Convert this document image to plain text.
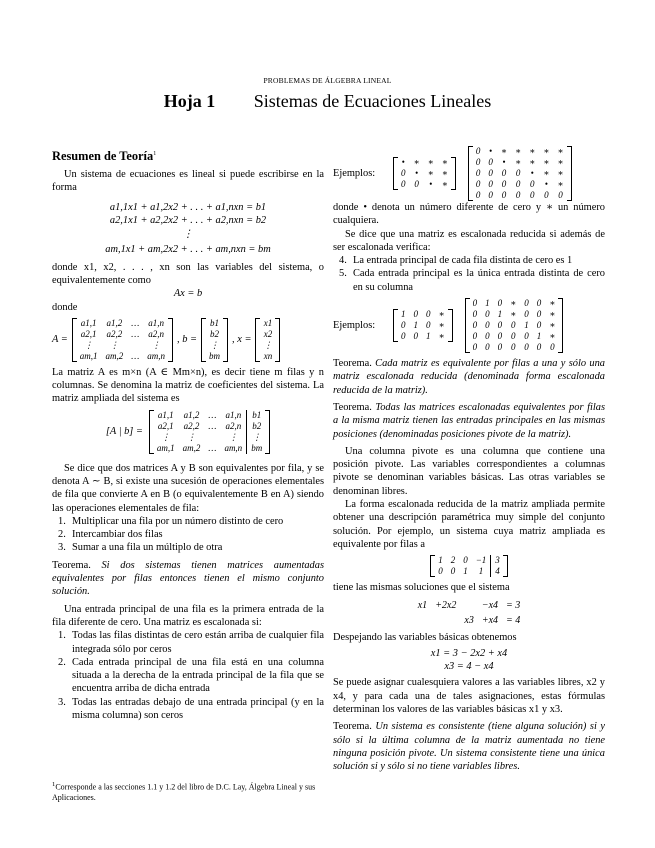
PROBLEMAS DE ÁLGEBRA LINEAL
Hoja 1 Sistemas de Ecuaciones Lineales
Resumen de Teoría$^1$

Un sistema de ecuaciones es lineal si puede escribirse en la forma

a1,1x1 + a1,2x2 + . . . + a1,nxn = b1
a2,1x1 + a2,2x2 + . . . + a2,nxn = b2
⋮
am,1x1 + am,2x2 + . . . + am,nxn = bm

donde x1, x2, . . . , xn son las variables del sistema, o equivalentemente como

Ax = b

donde

A =
a1,1	a1,2	…	a1,n
a2,1	a2,2	…	a2,n
⋮	⋮		⋮
am,1	am,2	…	am,n
, b =
b1
b2
⋮
bm
, x =
x1
x2
⋮
xn

La matriz A es m×n (A ∈ Mm×n), es decir tiene m filas y n columnas. Se denomina la matriz de coeficientes del sistema. La matriz ampliada del sistema es

[A | b] =
a1,1	a1,2	…	a1,n	b1
a2,1	a2,2	…	a2,n	b2
⋮	⋮		⋮	⋮
am,1	am,2	…	am,n	bm

Se dice que dos matrices A y B son equivalentes por fila, y se denota A ∼ B, si existe una sucesión de operaciones elementales de fila que convierte A en B (o equivalentemente B en A) siendo las operaciones elementales de fila:

1. Multiplicar una fila por un número distinto de cero
2. Intercambiar dos filas
3. Sumar a una fila un múltiplo de otra

Teorema. Si dos sistemas tienen matrices aumentadas equivalentes por filas entonces tienen el mismo conjunto solución.

Una entrada principal de una fila es la primera entrada de la fila diferente de cero. Una matriz es escalonada si:

1. Todas las filas distintas de cero están arriba de cualquier fila integrada sólo por ceros
2. Cada entrada principal de una fila está en una columna situada a la derecha de la entrada principal de la fila que se encuentra arriba de dicha entrada
3. Todas las entradas debajo de una entrada principal (y en la misma columna) son ceros
$^1$Corresponde a las secciones 1.1 y 1.2 del libro de D.C. Lay, Álgebra Lineal y sus Aplicaciones.
Ejemplos:
•	∗	∗	∗
0	•	∗	∗
0	0	•	∗
0	•	∗	∗	∗	∗	∗
0	0	•	∗	∗	∗	∗
0	0	0	0	•	∗	∗
0	0	0	0	0	•	∗
0	0	0	0	0	0	0

donde • denota un número diferente de cero y ∗ un número cualquiera.

Se dice que una matriz es escalonada reducida si además de ser escalonada verifica:

4. La entrada principal de cada fila distinta de cero es 1
5. Cada entrada principal es la única entrada distinta de cero en su columna
Ejemplos:
1	0	0	∗
0	1	0	∗
0	0	1	∗
0	1	0	∗	0	0	∗
0	0	1	∗	0	0	∗
0	0	0	0	1	0	∗
0	0	0	0	0	1	∗
0	0	0	0	0	0	0

Teorema. Cada matriz es equivalente por filas a una y sólo una matriz escalonada reducida (denominada forma escalonada reducida de la matriz).

Teorema. Todas las matrices escalonadas equivalentes por filas a la misma matriz tienen las entradas principales en las mismas posiciones (denominadas posiciones pivote de la matriz).

Una columna pivote es una columna que contiene una posición pivote. Las variables correspondientes a columnas pivote se denominan variables básicas. Las otras variables se denominan libres.

La forma escalonada reducida de la matriz ampliada permite obtener una descripción paramétrica muy simple del conjunto solución. Por ejemplo, un sistema cuya matriz ampliada es equivalente por filas a

1	2	0	−1	3
0	0	1	1	4

tiene las mismas soluciones que el sistema

x1	+2x2		−x4	= 3
		x3	+x4	= 4

Despejando las variables básicas obtenemos

x1 = 3 − 2x2 + x4
x3 = 4 − x4

Se puede asignar cualesquiera valores a las variables libres, x2 y x4, y para cada una de tales asignaciones, estas fórmulas determinan los valores de las variables básicas x1 y x3.

Teorema. Un sistema es consistente (tiene alguna solución) si y sólo si la última columna de la matriz aumentada no tiene ninguna posición pivote. Un sistema consistente tiene una única solución si y sólo si no tiene variables libres.
